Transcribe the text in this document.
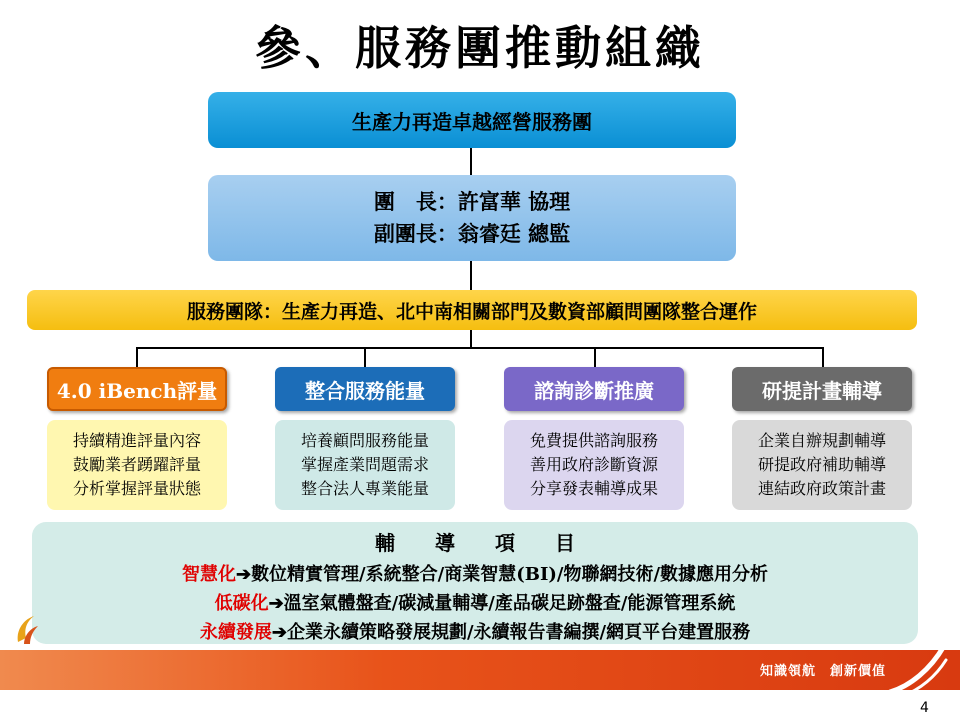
參、服務團推動組織
生產力再造卓越經營服務團
團　長：許富華 協理
副團長：翁睿廷 總監
服務團隊：生產力再造、北中南相關部門及數資部顧問團隊整合運作
4.0 iBench評量
持續精進評量內容
鼓勵業者踴躍評量
分析掌握評量狀態
整合服務能量
培養顧問服務能量
掌握產業問題需求
整合法人專業能量
諮詢診斷推廣
免費提供諮詢服務
善用政府診斷資源
分享發表輔導成果
研提計畫輔導
企業自辦規劃輔導
研提政府補助輔導
連結政府政策計畫
輔　　導　　項　　目
智慧化➔數位精實管理/系統整合/商業智慧(BI)/物聯網技術/數據應用分析
低碳化➔溫室氣體盤查/碳減量輔導/產品碳足跡盤查/能源管理系統
永續發展➔企業永續策略發展規劃/永續報告書編撰/網頁平台建置服務
知識領航　創新價值
4
